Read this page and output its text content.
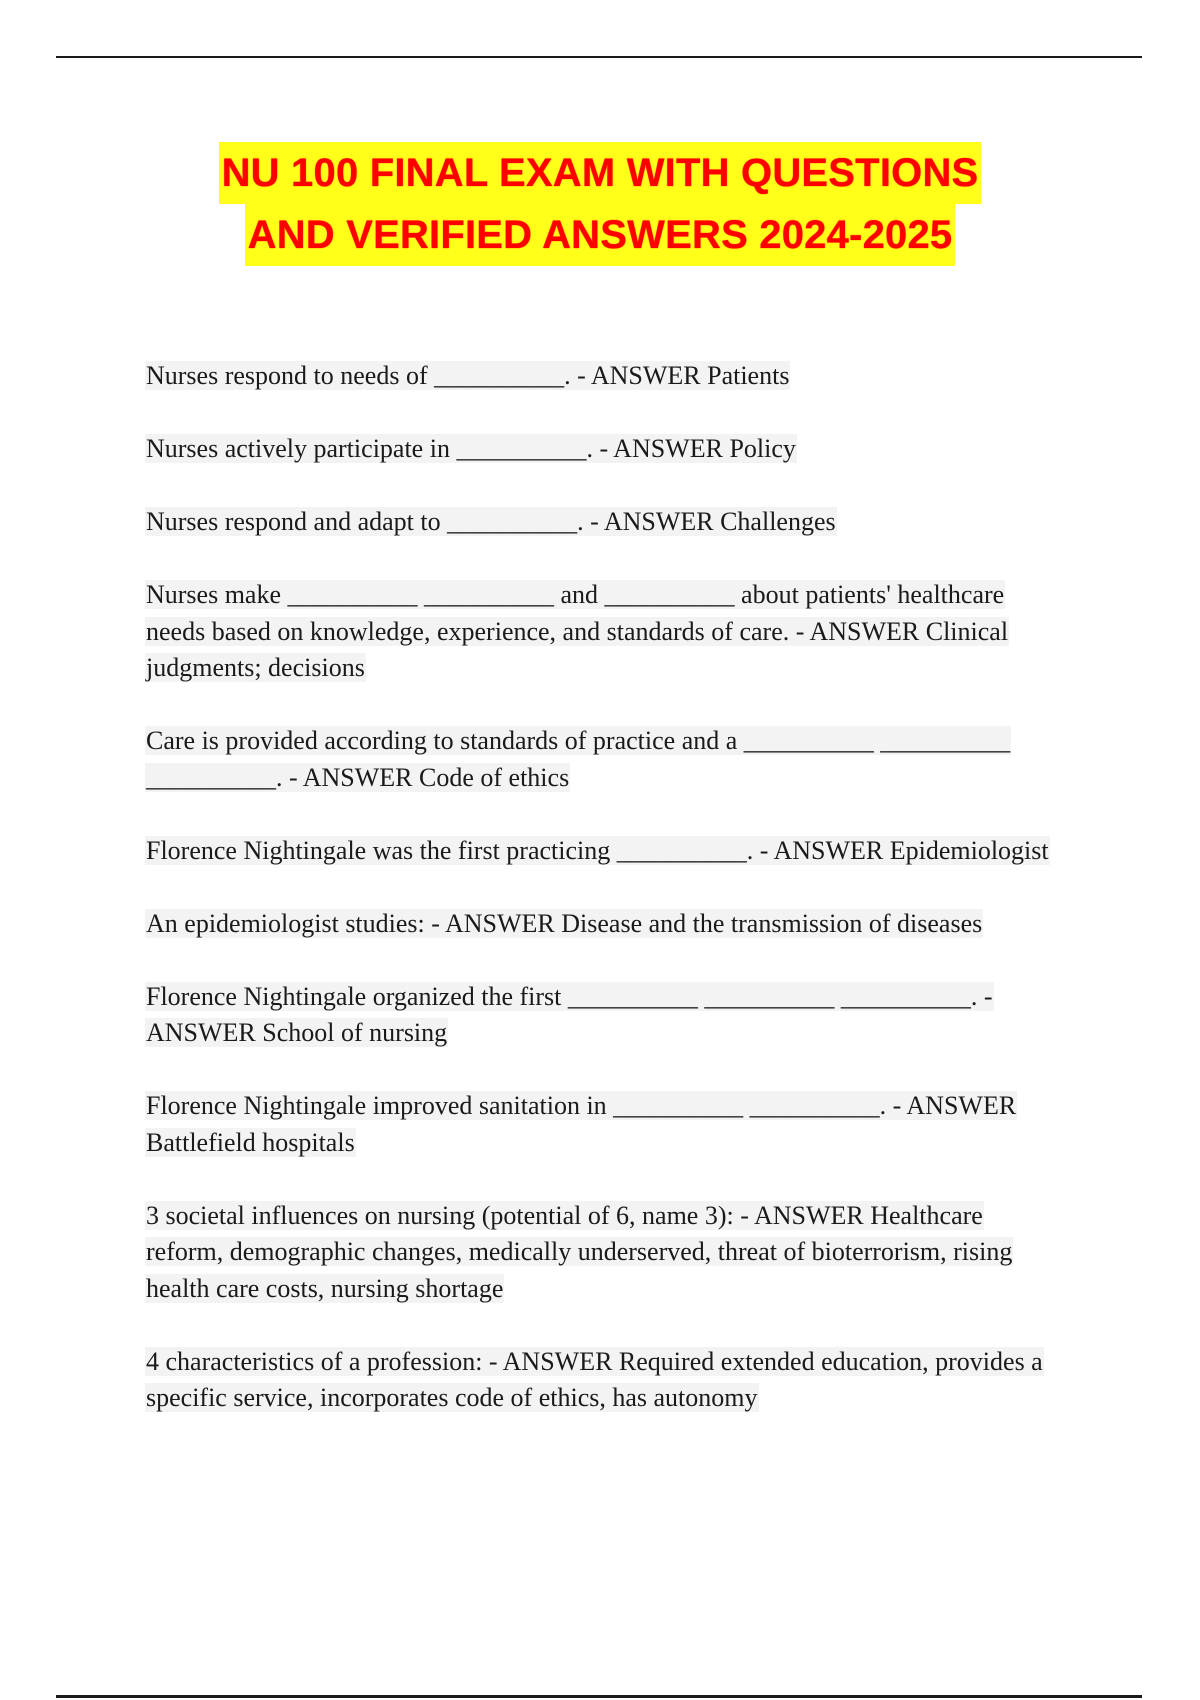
NU 100 FINAL EXAM WITH QUESTIONS
AND VERIFIED ANSWERS 2024-2025
Nurses respond to needs of __________. - ANSWER Patients
Nurses actively participate in __________. - ANSWER Policy
Nurses respond and adapt to __________. - ANSWER Challenges
Nurses make __________ __________ and __________ about patients' healthcare needs based on knowledge, experience, and standards of care. - ANSWER Clinical judgments; decisions
Care is provided according to standards of practice and a __________ __________ __________. - ANSWER Code of ethics
Florence Nightingale was the first practicing __________. - ANSWER Epidemiologist
An epidemiologist studies: - ANSWER Disease and the transmission of diseases
Florence Nightingale organized the first __________ __________ __________. - ANSWER School of nursing
Florence Nightingale improved sanitation in __________ __________. - ANSWER Battlefield hospitals
3 societal influences on nursing (potential of 6, name 3): - ANSWER Healthcare reform, demographic changes, medically underserved, threat of bioterrorism, rising health care costs, nursing shortage
4 characteristics of a profession: - ANSWER Required extended education, provides a specific service, incorporates code of ethics, has autonomy
